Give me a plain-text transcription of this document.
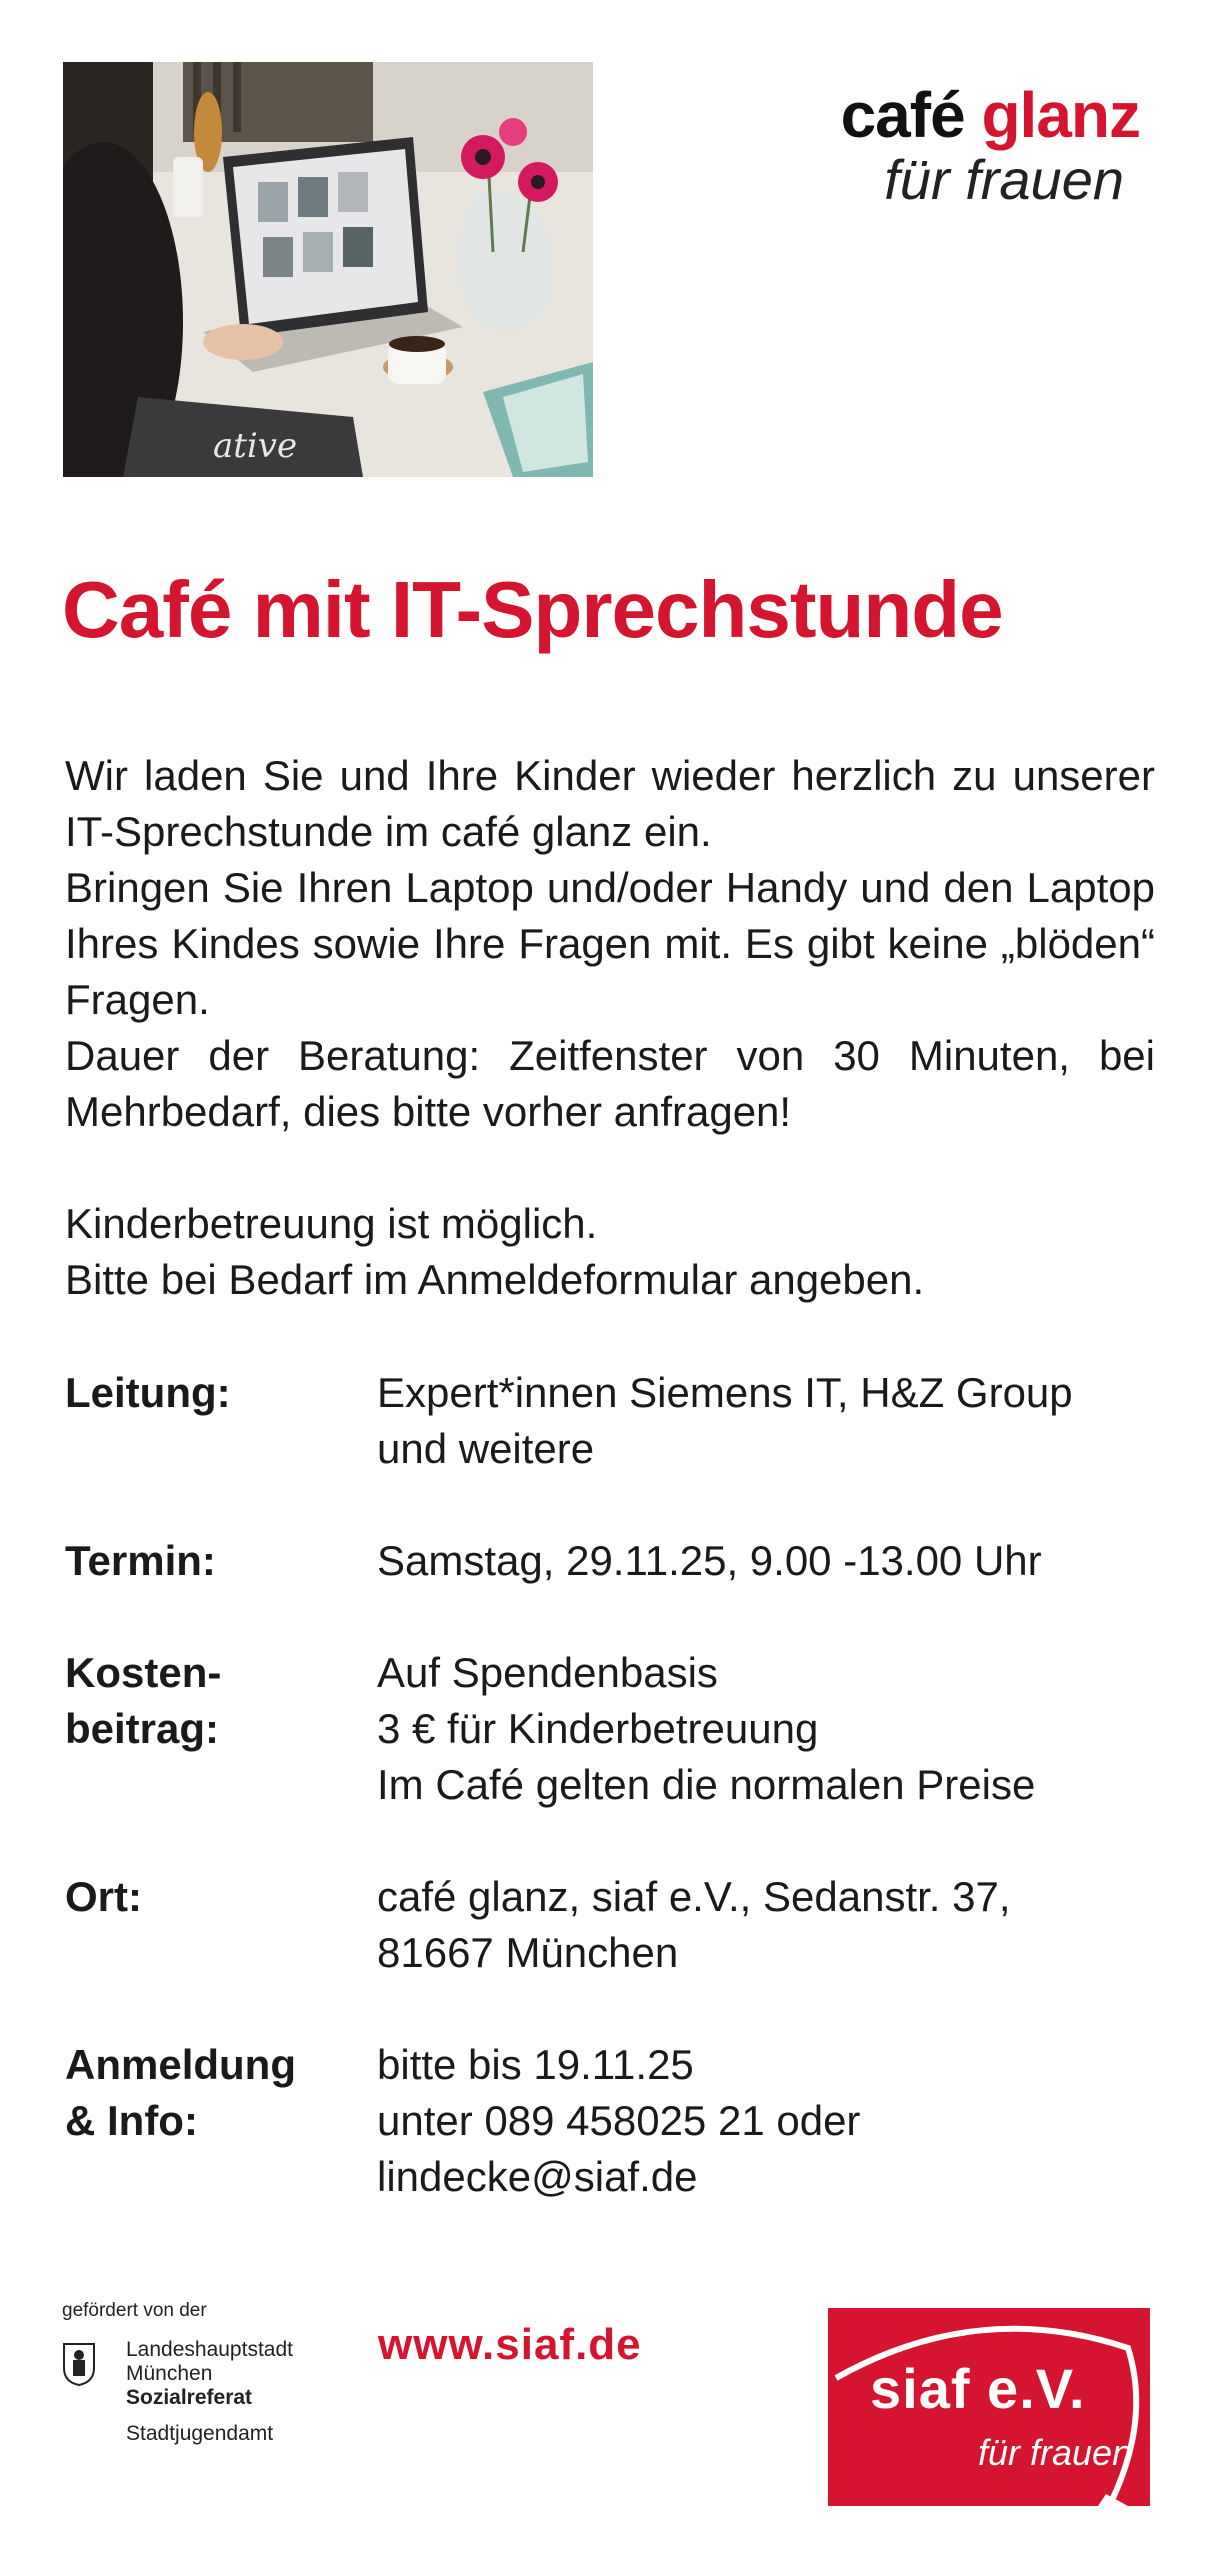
ative
café glanz
für frauen
Café mit IT-Sprechstunde

Wir laden Sie und Ihre Kinder wieder herzlich zu unserer IT-Sprechstunde im café glanz ein.

Bringen Sie Ihren Laptop und/oder Handy und den Laptop Ihres Kindes sowie Ihre Fragen mit. Es gibt keine „blöden“ Fragen.

Dauer der Beratung: Zeitfenster von 30 Minuten, bei Mehrbedarf, dies bitte vorher anfragen!

Kinderbetreuung ist möglich.

Bitte bei Bedarf im Anmeldeformular angeben.

Leitung:	Expert*innen Siemens IT, H&Z Group
und weitere
Termin:	Samstag, 29.11.25, 9.00 -13.00 Uhr
Kosten-
beitrag:
Auf Spendenbasis
3 € für Kinderbetreuung
Im Café gelten die normalen Preise
Ort:	café glanz, siaf e.V., Sedanstr. 37,
81667 München
Anmeldung
& Info:
bitte bis 19.11.25
unter 089 458025 21 oder
lindecke@siaf.de
gefördert von der
Landeshauptstadt
München
Sozialreferat
Stadtjugendamt
www.siaf.de
siaf e.V.
für frauen
